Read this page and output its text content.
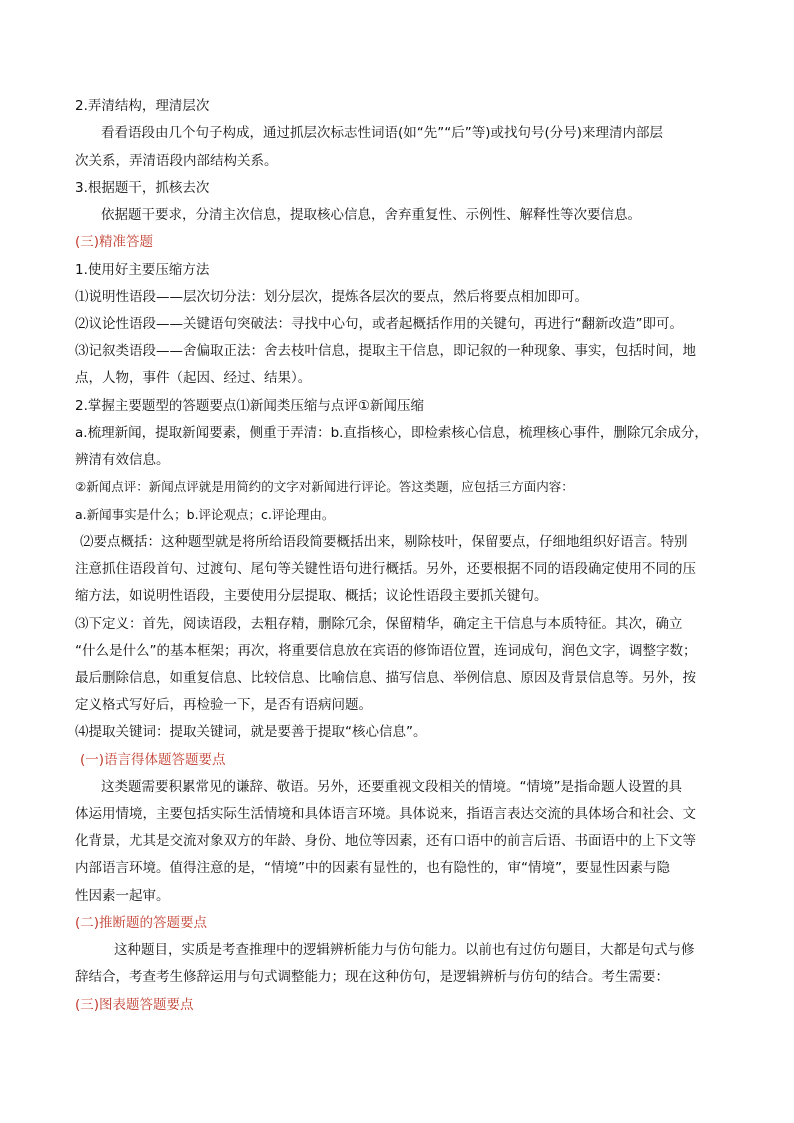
2.弄清结构，理清层次
看看语段由几个句子构成，通过抓层次标志性词语(如“先”“后”等)或找句号(分号)来理清内部层
次关系，弄清语段内部结构关系。
3.根据题干，抓核去次
依据题干要求，分清主次信息，提取核心信息，舍弃重复性、示例性、解释性等次要信息。
(三)精准答题
1.使用好主要压缩方法
⑴说明性语段——层次切分法：划分层次，提炼各层次的要点，然后将要点相加即可。
⑵议论性语段——关键语句突破法：寻找中心句，或者起概括作用的关键句，再进行“翻新改造”即可。
⑶记叙类语段——舍偏取正法：舍去枝叶信息，提取主干信息，即记叙的一种现象、事实，包括时间，地
点，人物，事件（起因、经过、结果）。
2.掌握主要题型的答题要点⑴新闻类压缩与点评①新闻压缩
a.梳理新闻，提取新闻要素，侧重于弄清：b.直指核心，即检索核心信息，梳理核心事件，删除冗余成分，
辨清有效信息。
②新闻点评：新闻点评就是用简约的文字对新闻进行评论。答这类题，应包括三方面内容：
a.新闻事实是什么；b.评论观点；c.评论理由。
⑵要点概括：这种题型就是将所给语段简要概括出来，剔除枝叶，保留要点，仔细地组织好语言。特别
注意抓住语段首句、过渡句、尾句等关键性语句进行概括。另外，还要根据不同的语段确定使用不同的压
缩方法，如说明性语段，主要使用分层提取、概括；议论性语段主要抓关键句。
⑶下定义：首先，阅读语段，去粗存精，删除冗余，保留精华，确定主干信息与本质特征。其次，确立
“什么是什么”的基本框架；再次，将重要信息放在宾语的修饰语位置，连词成句，润色文字，调整字数；
最后删除信息，如重复信息、比较信息、比喻信息、描写信息、举例信息、原因及背景信息等。另外，按
定义格式写好后，再检验一下，是否有语病问题。
⑷提取关键词：提取关键词，就是要善于提取“核心信息”。
(一)语言得体题答题要点
这类题需要积累常见的谦辞、敬语。另外，还要重视文段相关的情境。“情境”是指命题人设置的具
体运用情境，主要包括实际生活情境和具体语言环境。具体说来，指语言表达交流的具体场合和社会、文
化背景，尤其是交流对象双方的年龄、身份、地位等因素，还有口语中的前言后语、书面语中的上下文等
内部语言环境。值得注意的是，“情境”中的因素有显性的，也有隐性的，审“情境”，要显性因素与隐
性因素一起审。
(二)推断题的答题要点
这种题目，实质是考查推理中的逻辑辨析能力与仿句能力。以前也有过仿句题目，大都是句式与修
辞结合，考查考生修辞运用与句式调整能力；现在这种仿句，是逻辑辨析与仿句的结合。考生需要：
(三)图表题答题要点
